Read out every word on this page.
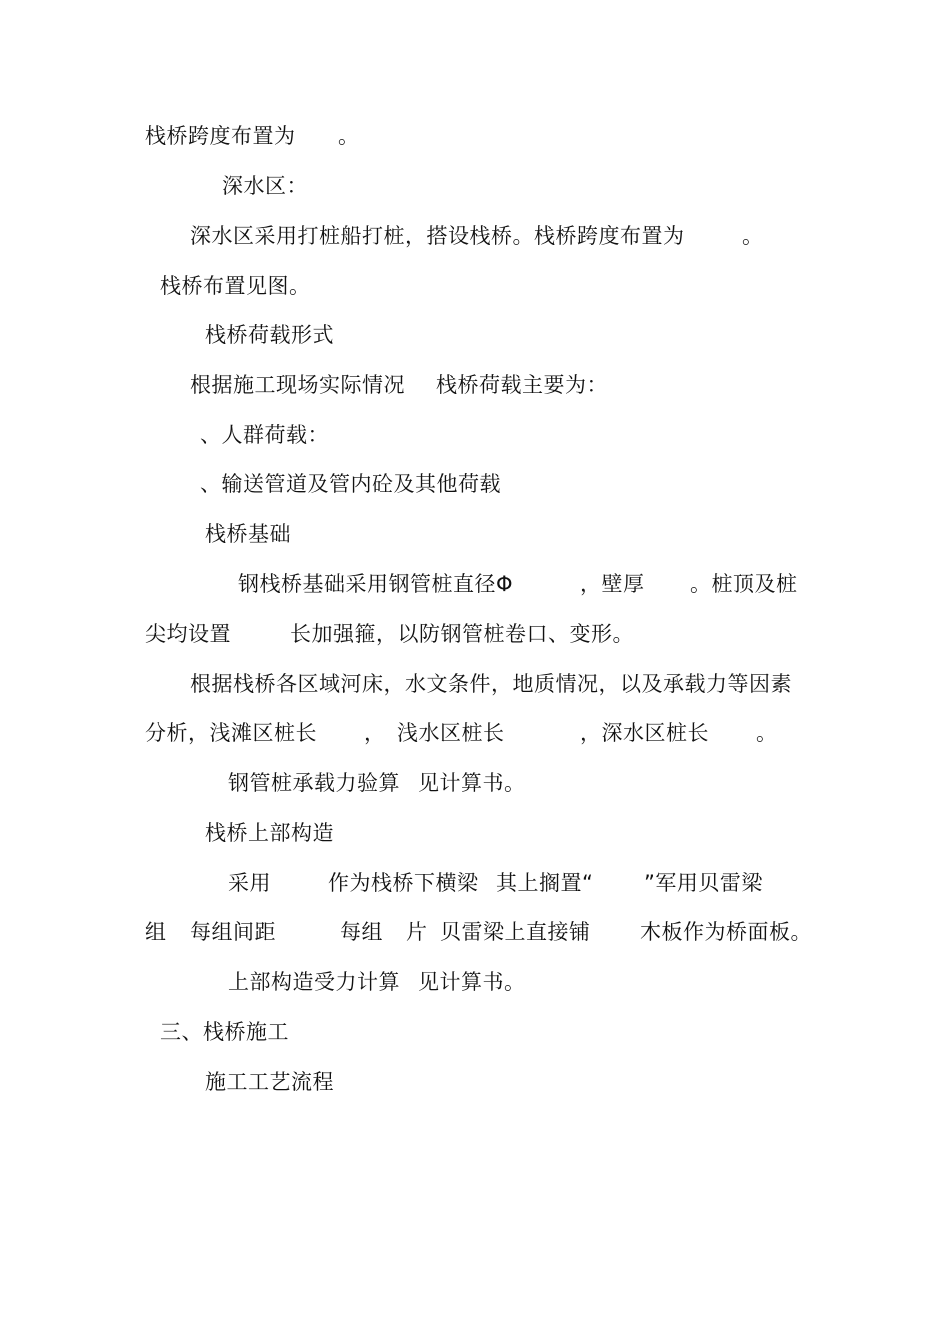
栈桥跨度布置为 。
深水区：
深水区采用打桩船打桩，搭设栈桥。栈桥跨度布置为	。
栈桥布置见图。
栈桥荷载形式
根据施工现场实际情况 栈桥荷载主要为：
、人群荷载：
、输送管道及管内砼及其他荷载
栈桥基础
钢栈桥基础采用钢管桩直径Φ	，壁厚 。桩顶及桩
尖均设置	长加强箍，以防钢管桩卷口、变形。
根据栈桥各区域河床，水文条件，地质情况，以及承载力等因素
分析，浅滩区桩长 ， 浅水区桩长	，深水区桩长 。
钢管桩承载力验算 见计算书。
栈桥上部构造
采用	作为栈桥下横梁 其上搁置“ ”军用贝雷梁
组 每组间距	每组 片 贝雷梁上直接铺 木板作为桥面板。
上部构造受力计算 见计算书。
三、栈桥施工
施工工艺流程
